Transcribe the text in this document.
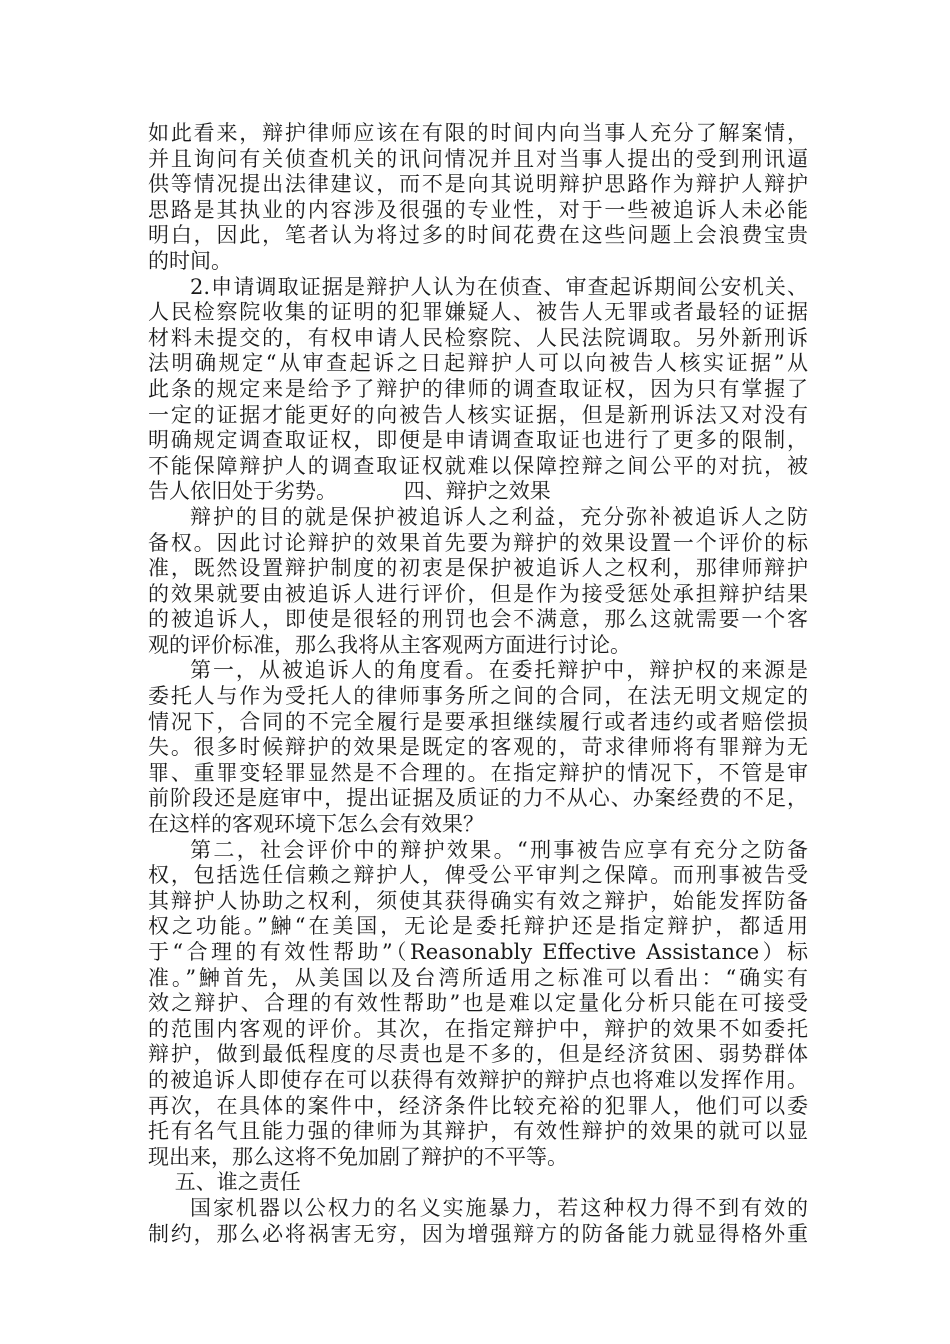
如此看来，辩护律师应该在有限的时间内向当事人充分了解案情，
并且询问有关侦查机关的讯问情况并且对当事人提出的受到刑讯逼
供等情况提出法律建议，而不是向其说明辩护思路作为辩护人辩护
思路是其执业的内容涉及很强的专业性，对于一些被追诉人未必能
明白，因此，笔者认为将过多的时间花费在这些问题上会浪费宝贵
的时间。
2.申请调取证据是辩护人认为在侦查、审查起诉期间公安机关、
人民检察院收集的证明的犯罪嫌疑人、被告人无罪或者最轻的证据
材料未提交的，有权申请人民检察院、人民法院调取。另外新刑诉
法明确规定“从审查起诉之日起辩护人可以向被告人核实证据”从
此条的规定来是给予了辩护的律师的调查取证权，因为只有掌握了
一定的证据才能更好的向被告人核实证据，但是新刑诉法又对没有
明确规定调查取证权，即便是申请调查取证也进行了更多的限制，
不能保障辩护人的调查取证权就难以保障控辩之间公平的对抗，被
告人依旧处于劣势。          四、辩护之效果
辩护的目的就是保护被追诉人之利益，充分弥补被追诉人之防
备权。因此讨论辩护的效果首先要为辩护的效果设置一个评价的标
准，既然设置辩护制度的初衷是保护被追诉人之权利，那律师辩护
的效果就要由被追诉人进行评价，但是作为接受惩处承担辩护结果
的被追诉人，即使是很轻的刑罚也会不满意，那么这就需要一个客
观的评价标准，那么我将从主客观两方面进行讨论。
第一，从被追诉人的角度看。在委托辩护中，辩护权的来源是
委托人与作为受托人的律师事务所之间的合同，在法无明文规定的
情况下，合同的不完全履行是要承担继续履行或者违约或者赔偿损
失。很多时候辩护的效果是既定的客观的，苛求律师将有罪辩为无
罪、重罪变轻罪显然是不合理的。在指定辩护的情况下，不管是审
前阶段还是庭审中，提出证据及质证的力不从心、办案经费的不足，
在这样的客观环境下怎么会有效果？
第二，社会评价中的辩护效果。“刑事被告应享有充分之防备
权，包括选任信赖之辩护人，俾受公平审判之保障。而刑事被告受
其辩护人协助之权利，须使其获得确实有效之辩护，始能发挥防备
权之功能。”鰰“在美国，无论是委托辩护还是指定辩护，都适用
于“合理的有效性帮助”（Reasonably Effective Assistance）标
准。”鰰首先，从美国以及台湾所适用之标准可以看出：“确实有
效之辩护、合理的有效性帮助”也是难以定量化分析只能在可接受
的范围内客观的评价。其次，在指定辩护中，辩护的效果不如委托
辩护，做到最低程度的尽责也是不多的，但是经济贫困、弱势群体
的被追诉人即使存在可以获得有效辩护的辩护点也将难以发挥作用。
再次，在具体的案件中，经济条件比较充裕的犯罪人，他们可以委
托有名气且能力强的律师为其辩护，有效性辩护的效果的就可以显
现出来，那么这将不免加剧了辩护的不平等。
五、谁之责任
国家机器以公权力的名义实施暴力，若这种权力得不到有效的
制约，那么必将祸害无穷，因为增强辩方的防备能力就显得格外重
